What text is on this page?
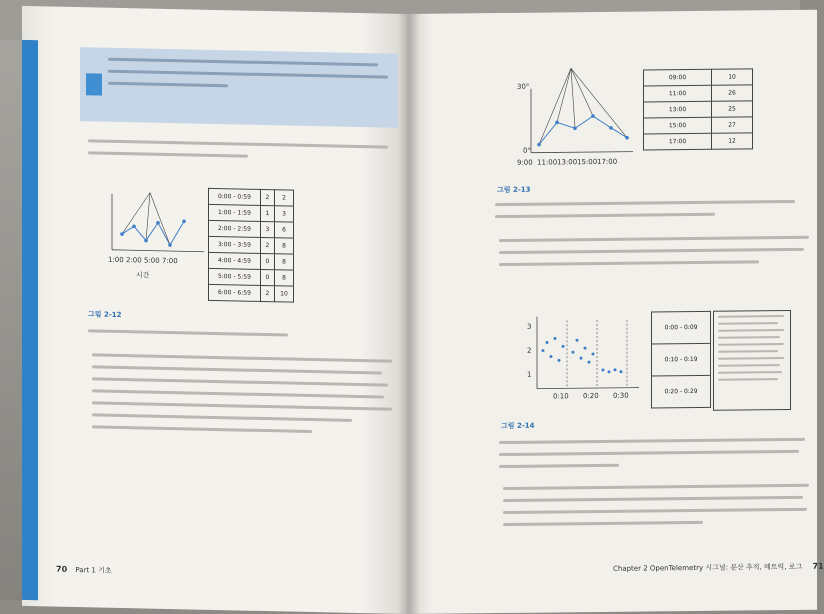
시간
1:00 2:00 5:00 7:00
0:00 - 0:59	2	2
1:00 - 1:59	1	3
2:00 - 2:59	3	6
3:00 - 3:59	2	8
4:00 - 4:59	0	8
5:00 - 5:59	0	8
6:00 - 6:59	2	10
그림 2-12
70 Part 1 기초
9:00 11:00 13:00 15:00 17:00
30°
0°
09:00	10
11:00	26
13:00	25
15:00	27
17:00	12
그림 2-13
0:10 0:20 0:30
3
2
1
0:00 - 0:09
0:10 - 0:19
0:20 - 0:29
그림 2-14
Chapter 2 OpenTelemetry 시그널: 분산 추적, 메트릭, 로그 71
